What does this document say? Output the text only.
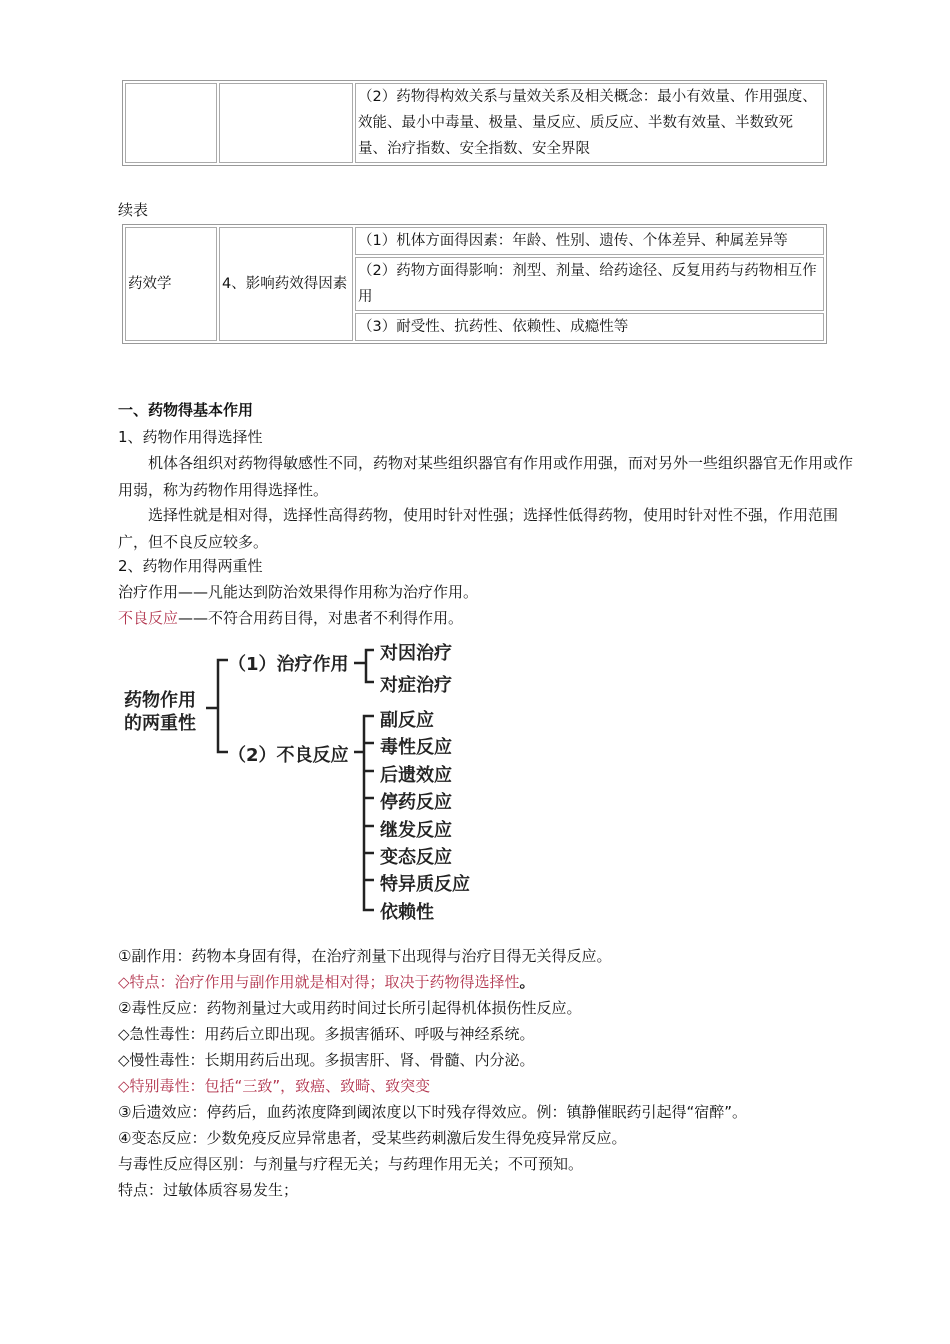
		（2）药物得构效关系与量效关系及相关概念：最小有效量、作用强度、效能、最小中毒量、极量、量反应、质反应、半数有效量、半数致死量、治疗指数、安全指数、安全界限
续表
药效学	4、影响药效得因素	（1）机体方面得因素：年龄、性别、遗传、个体差异、种属差异等
（2）药物方面得影响：剂型、剂量、给药途径、反复用药与药物相互作用
（3）耐受性、抗药性、依赖性、成瘾性等
一、药物得基本作用
1、药物作用得选择性
机体各组织对药物得敏感性不同，药物对某些组织器官有作用或作用强，而对另外一些组织器官无作用或作用弱，称为药物作用得选择性。
选择性就是相对得，选择性高得药物，使用时针对性强；选择性低得药物，使用时针对性不强，作用范围广，但不良反应较多。
2、药物作用得两重性
治疗作用——凡能达到防治效果得作用称为治疗作用。
不良反应——不符合用药目得，对患者不利得作用。
药物作用
的两重性
（1）治疗作用
（2）不良反应
对因治疗
对症治疗
副反应
毒性反应
后遗效应
停药反应
继发反应
变态反应
特异质反应
依赖性
①副作用：药物本身固有得，在治疗剂量下出现得与治疗目得无关得反应。
◇特点：治疗作用与副作用就是相对得；取决于药物得选择性。
②毒性反应：药物剂量过大或用药时间过长所引起得机体损伤性反应。
◇急性毒性：用药后立即出现。多损害循环、呼吸与神经系统。
◇慢性毒性：长期用药后出现。多损害肝、肾、骨髓、内分泌。
◇特别毒性：包括“三致”，致癌、致畸、致突变
③后遗效应：停药后，血药浓度降到阈浓度以下时残存得效应。例：镇静催眠药引起得“宿醉”。
④变态反应：少数免疫反应异常患者，受某些药刺激后发生得免疫异常反应。
与毒性反应得区别：与剂量与疗程无关；与药理作用无关；不可预知。
特点：过敏体质容易发生；
